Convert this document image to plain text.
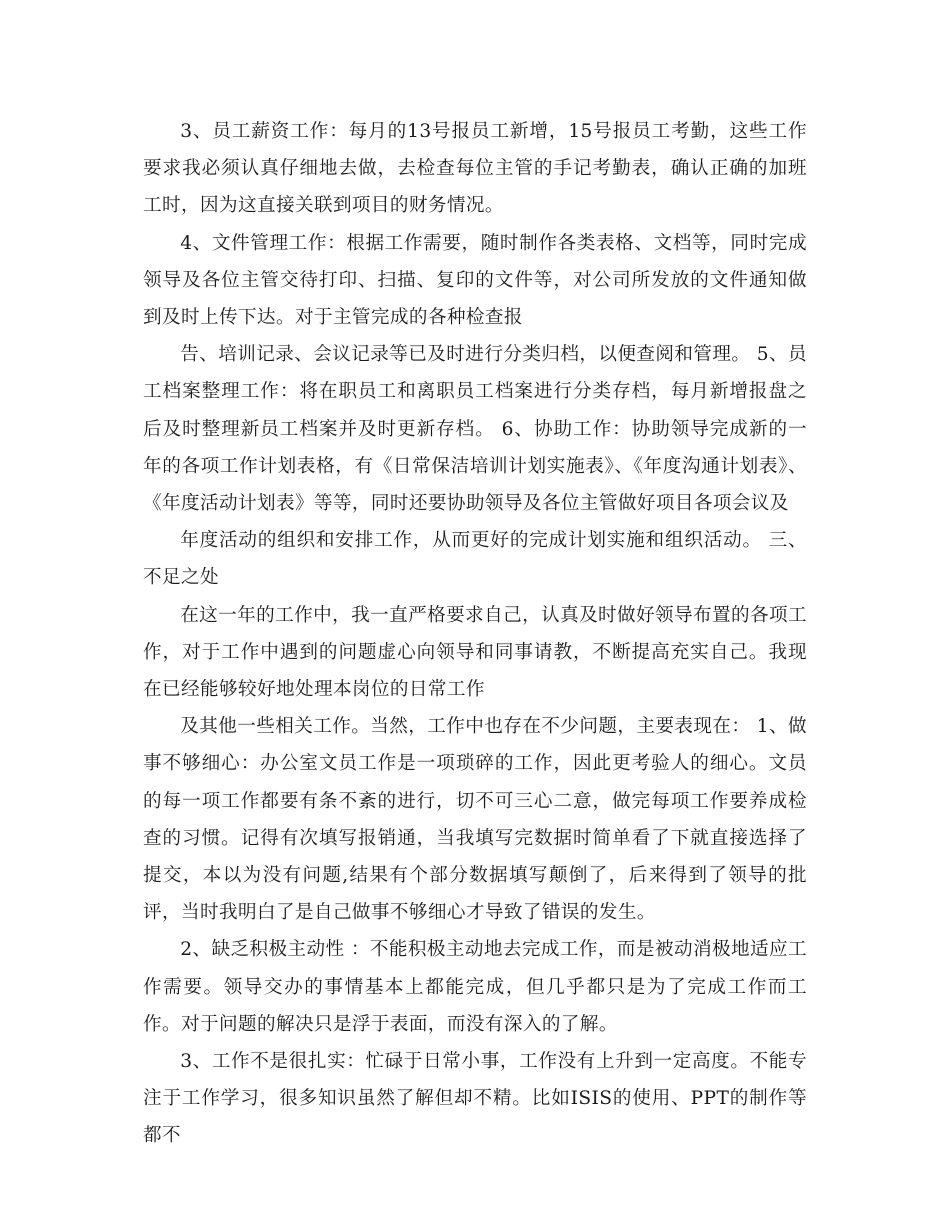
3、员工薪资工作：每月的13号报员工新增，15号报员工考勤，这些工作要求我必须认真仔细地去做，去检查每位主管的手记考勤表，确认正确的加班工时，因为这直接关联到项目的财务情况。

4、文件管理工作：根据工作需要，随时制作各类表格、文档等，同时完成领导及各位主管交待打印、扫描、复印的文件等，对公司所发放的文件通知做到及时上传下达。对于主管完成的各种检查报

告、培训记录、会议记录等已及时进行分类归档，以便查阅和管理。 5、员工档案整理工作：将在职员工和离职员工档案进行分类存档，每月新增报盘之后及时整理新员工档案并及时更新存档。 6、协助工作：协助领导完成新的一年的各项工作计划表格，有《日常保洁培训计划实施表》、《年度沟通计划表》、《年度活动计划表》等等，同时还要协助领导及各位主管做好项目各项会议及

年度活动的组织和安排工作，从而更好的完成计划实施和组织活动。 三、不足之处

在这一年的工作中，我一直严格要求自己，认真及时做好领导布置的各项工作，对于工作中遇到的问题虚心向领导和同事请教，不断提高充实自己。我现在已经能够较好地处理本岗位的日常工作

及其他一些相关工作。当然，工作中也存在不少问题，主要表现在： 1、做事不够细心：办公室文员工作是一项琐碎的工作，因此更考验人的细心。文员的每一项工作都要有条不紊的进行，切不可三心二意，做完每项工作要养成检查的习惯。记得有次填写报销通，当我填写完数据时简单看了下就直接选择了提交，本以为没有问题,结果有个部分数据填写颠倒了，后来得到了领导的批评，当时我明白了是自己做事不够细心才导致了错误的发生。

2、缺乏积极主动性 ：不能积极主动地去完成工作，而是被动消极地适应工作需要。领导交办的事情基本上都能完成，但几乎都只是为了完成工作而工作。对于问题的解决只是浮于表面，而没有深入的了解。

3、工作不是很扎实：忙碌于日常小事，工作没有上升到一定高度。不能专注于工作学习，很多知识虽然了解但却不精。比如ISIS的使用、PPT的制作等都不
